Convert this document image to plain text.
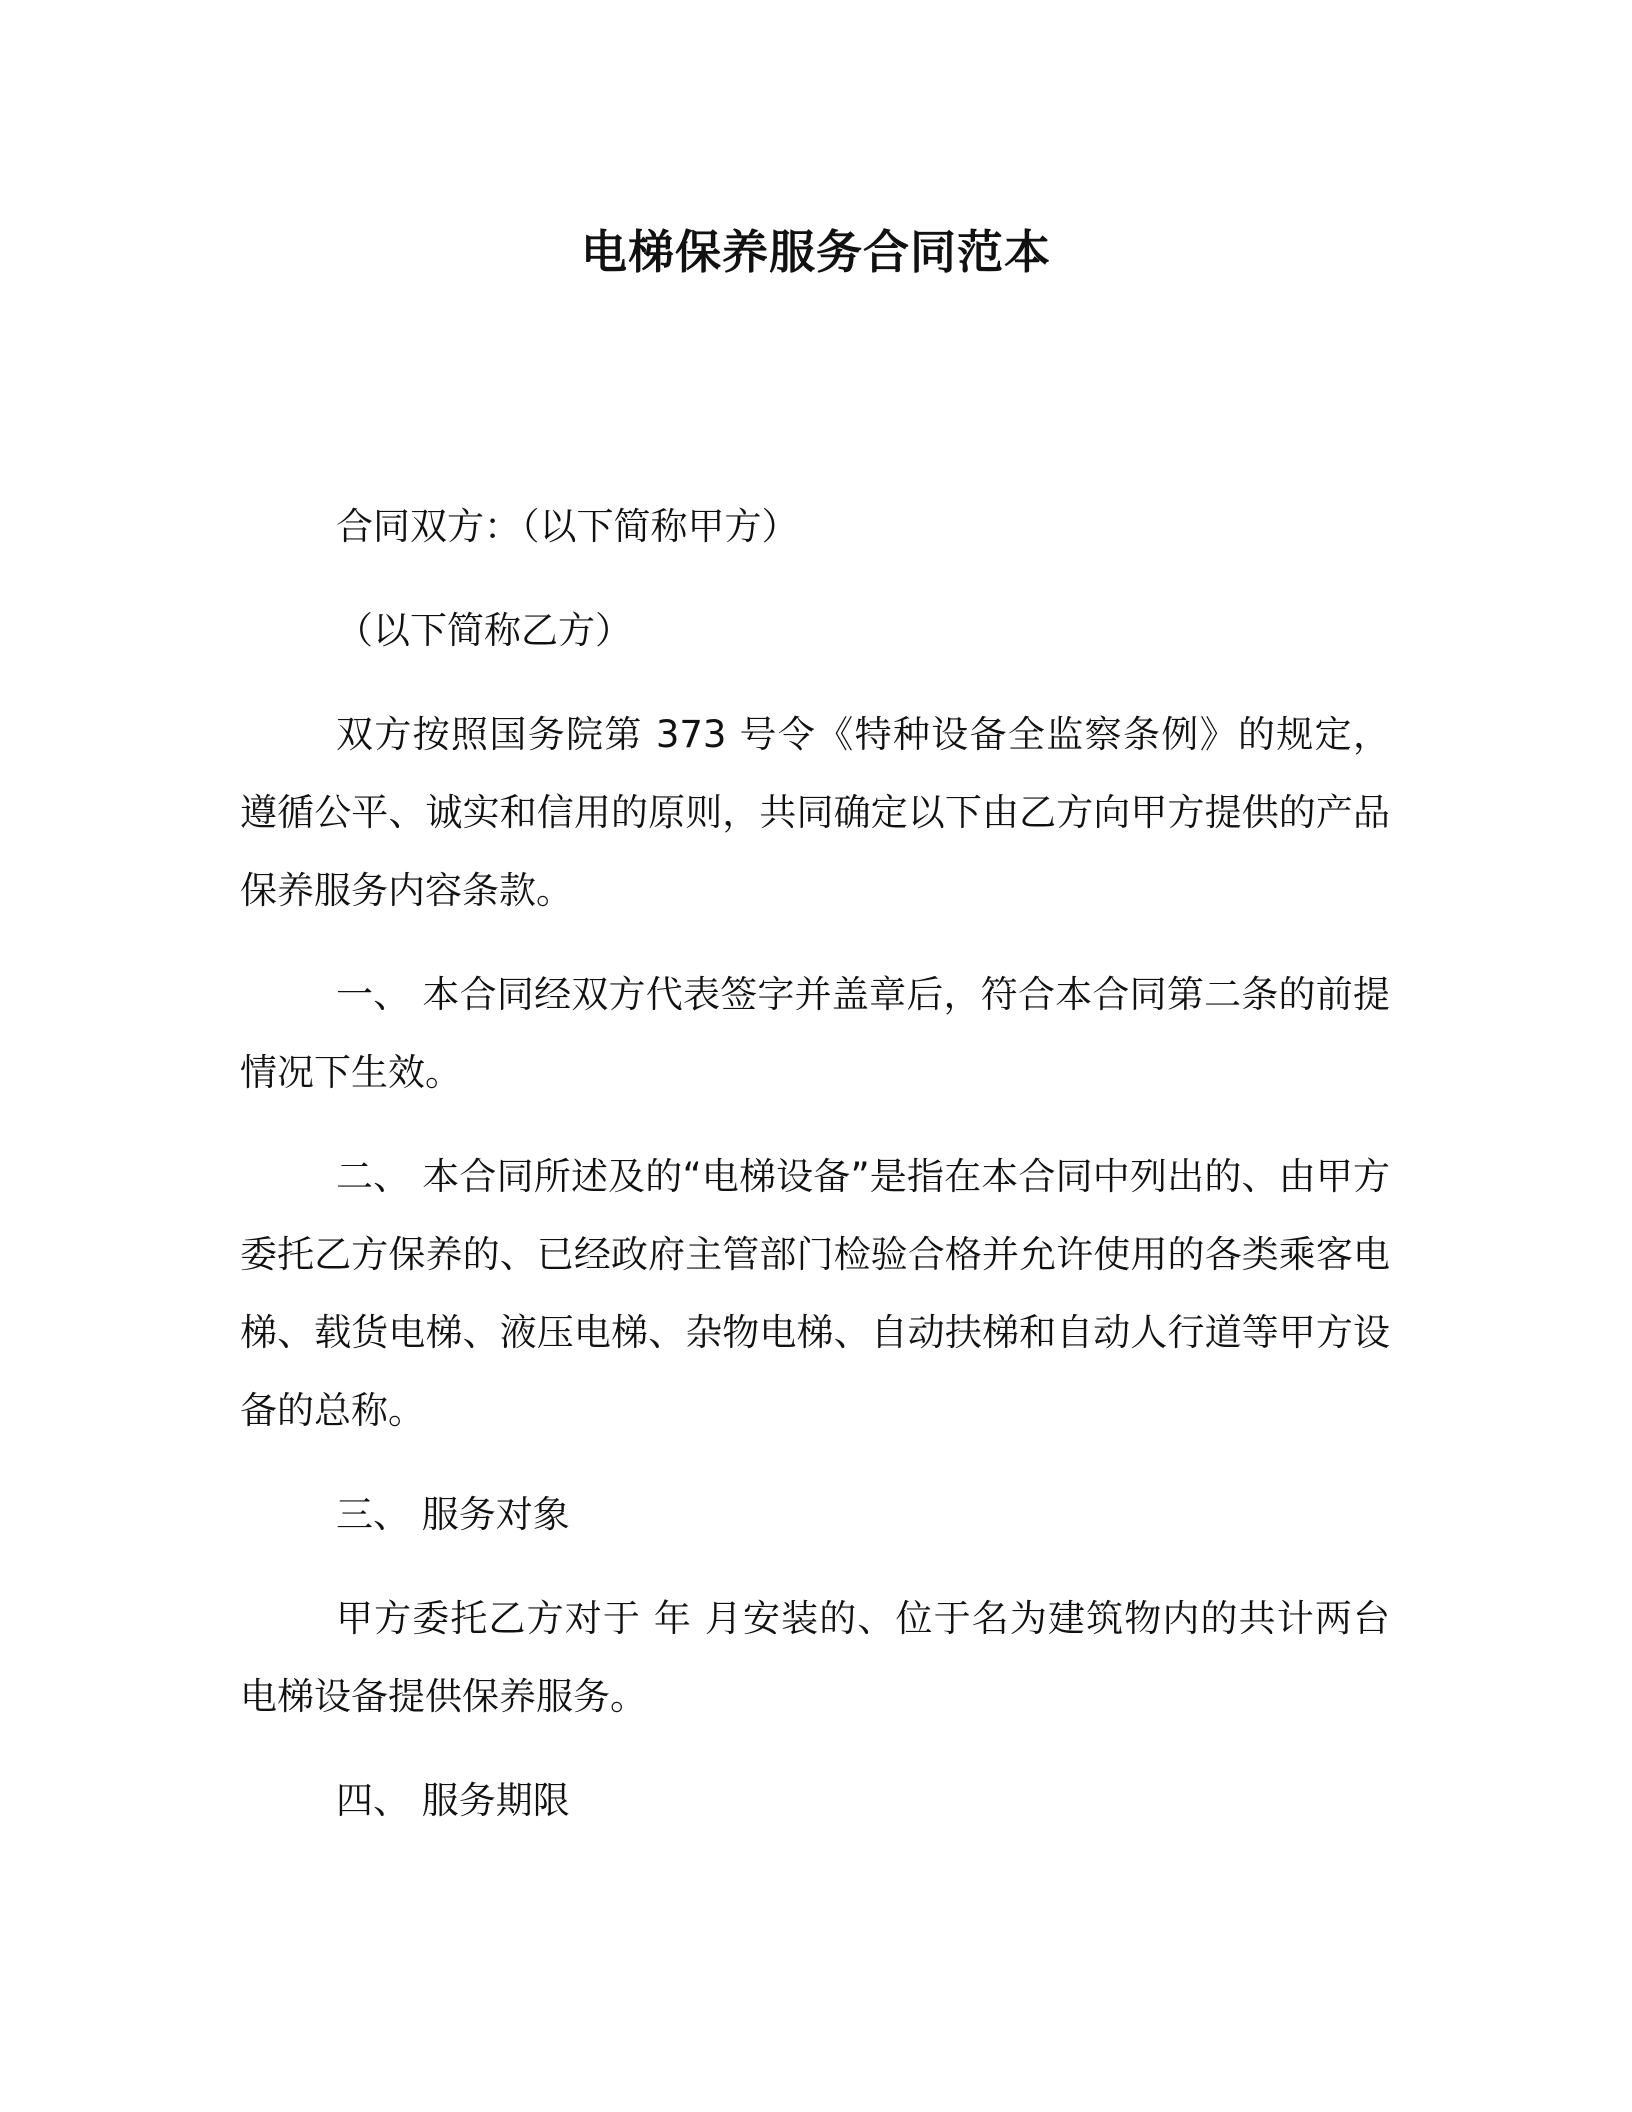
电梯保养服务合同范本

合同双方：（以下简称甲方）

（以下简称乙方）

双方按照国务院第 373 号令《特种设备全监察条例》的规定，遵循公平、诚实和信用的原则，共同确定以下由乙方向甲方提供的产品保养服务内容条款。

一、 本合同经双方代表签字并盖章后，符合本合同第二条的前提情况下生效。

二、 本合同所述及的“电梯设备”是指在本合同中列出的、由甲方委托乙方保养的、已经政府主管部门检验合格并允许使用的各类乘客电梯、载货电梯、液压电梯、杂物电梯、自动扶梯和自动人行道等甲方设备的总称。

三、 服务对象

甲方委托乙方对于 年 月安装的、位于名为建筑物内的共计两台电梯设备提供保养服务。

四、 服务期限
